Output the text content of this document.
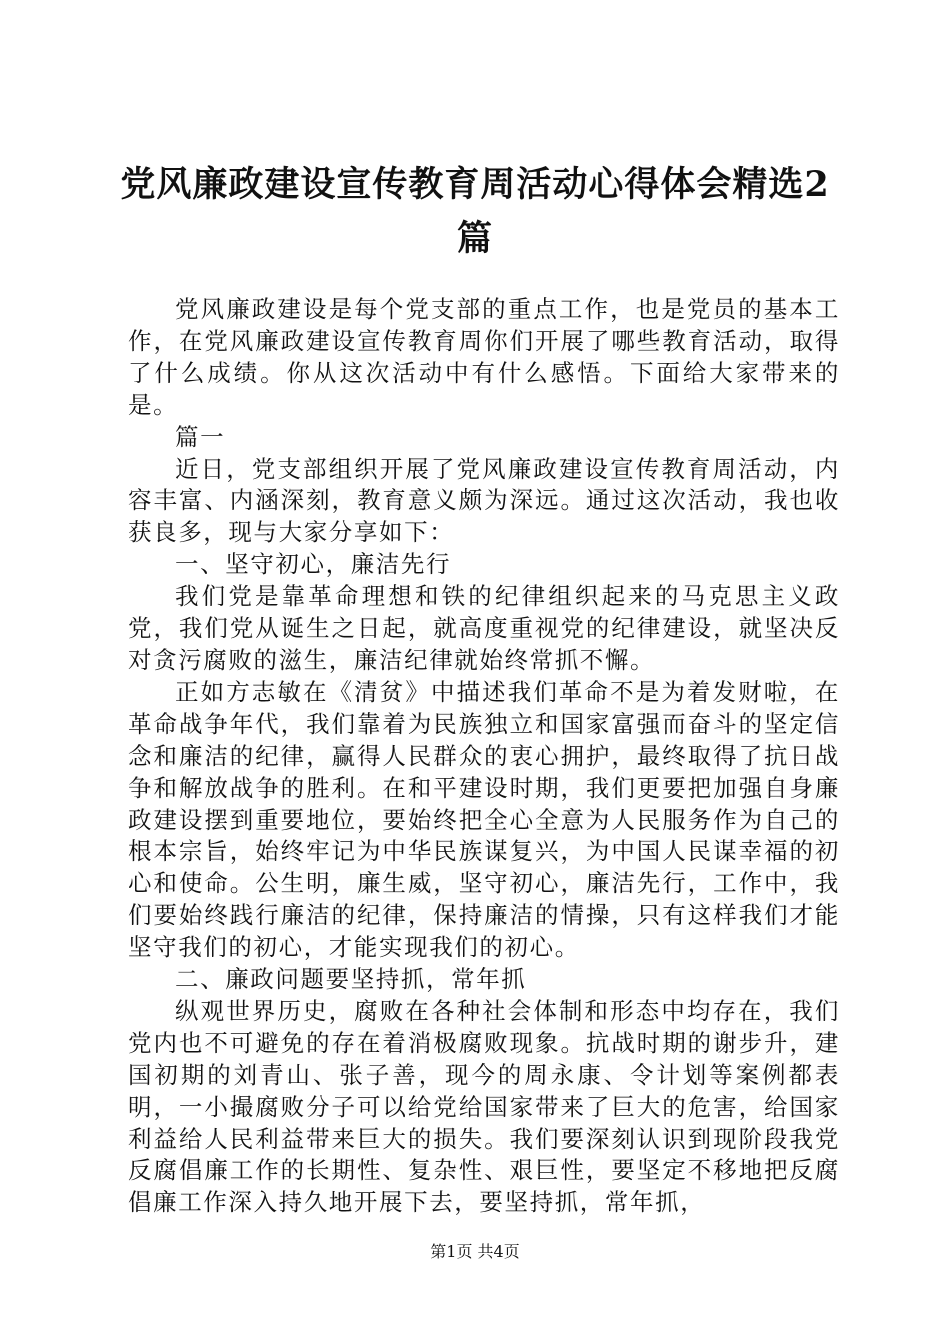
党风廉政建设宣传教育周活动心得体会精选2篇

党风廉政建设是每个党支部的重点工作，也是党员的基本工作，在党风廉政建设宣传教育周你们开展了哪些教育活动，取得了什么成绩。你从这次活动中有什么感悟。下面给大家带来的是。

篇一

近日，党支部组织开展了党风廉政建设宣传教育周活动，内容丰富、内涵深刻，教育意义颇为深远。通过这次活动，我也收获良多，现与大家分享如下：

一、坚守初心，廉洁先行

我们党是靠革命理想和铁的纪律组织起来的马克思主义政党，我们党从诞生之日起，就高度重视党的纪律建设，就坚决反对贪污腐败的滋生，廉洁纪律就始终常抓不懈。

正如方志敏在《清贫》中描述我们革命不是为着发财啦，在革命战争年代，我们靠着为民族独立和国家富强而奋斗的坚定信念和廉洁的纪律，赢得人民群众的衷心拥护，最终取得了抗日战争和解放战争的胜利。在和平建设时期，我们更要把加强自身廉政建设摆到重要地位，要始终把全心全意为人民服务作为自己的根本宗旨，始终牢记为中华民族谋复兴，为中国人民谋幸福的初心和使命。公生明，廉生威，坚守初心，廉洁先行，工作中，我们要始终践行廉洁的纪律，保持廉洁的情操，只有这样我们才能坚守我们的初心，才能实现我们的初心。

二、廉政问题要坚持抓，常年抓

纵观世界历史，腐败在各种社会体制和形态中均存在，我们党内也不可避免的存在着消极腐败现象。抗战时期的谢步升，建国初期的刘青山、张子善，现今的周永康、令计划等案例都表明，一小撮腐败分子可以给党给国家带来了巨大的危害，给国家利益给人民利益带来巨大的损失。我们要深刻认识到现阶段我党反腐倡廉工作的长期性、复杂性、艰巨性，要坚定不移地把反腐倡廉工作深入持久地开展下去，要坚持抓，常年抓，

第1页 共4页
